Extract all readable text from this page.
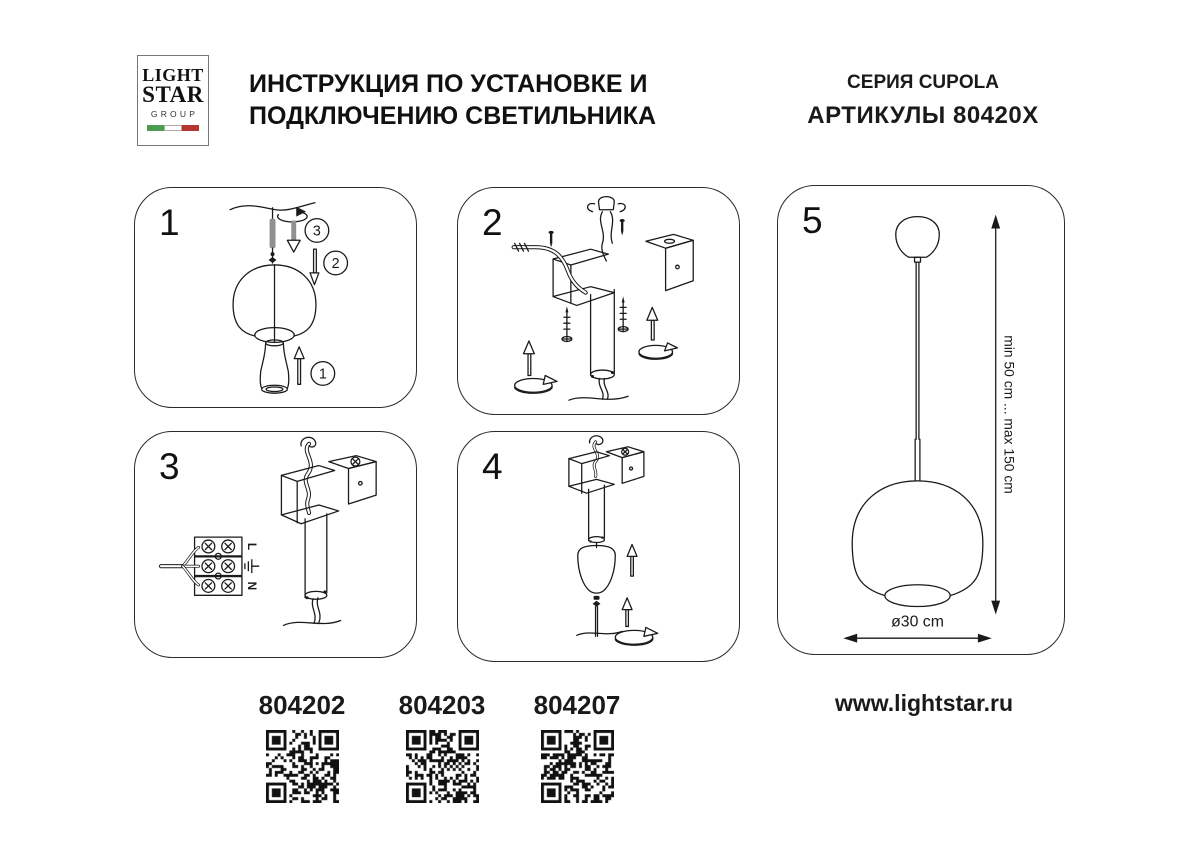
LIGHT
STAR
GROUP
ИНСТРУКЦИЯ ПО УСТАНОВКЕ И
ПОДКЛЮЧЕНИЮ СВЕТИЛЬНИКА
СЕРИЯ CUPOLA
АРТИКУЛЫ 80420X
1	3
2
1
2
3
L
N
4
5
min 50 cm ... max 150 cm
ø30 cm
804202 804203 804207	www.lightstar.ru
